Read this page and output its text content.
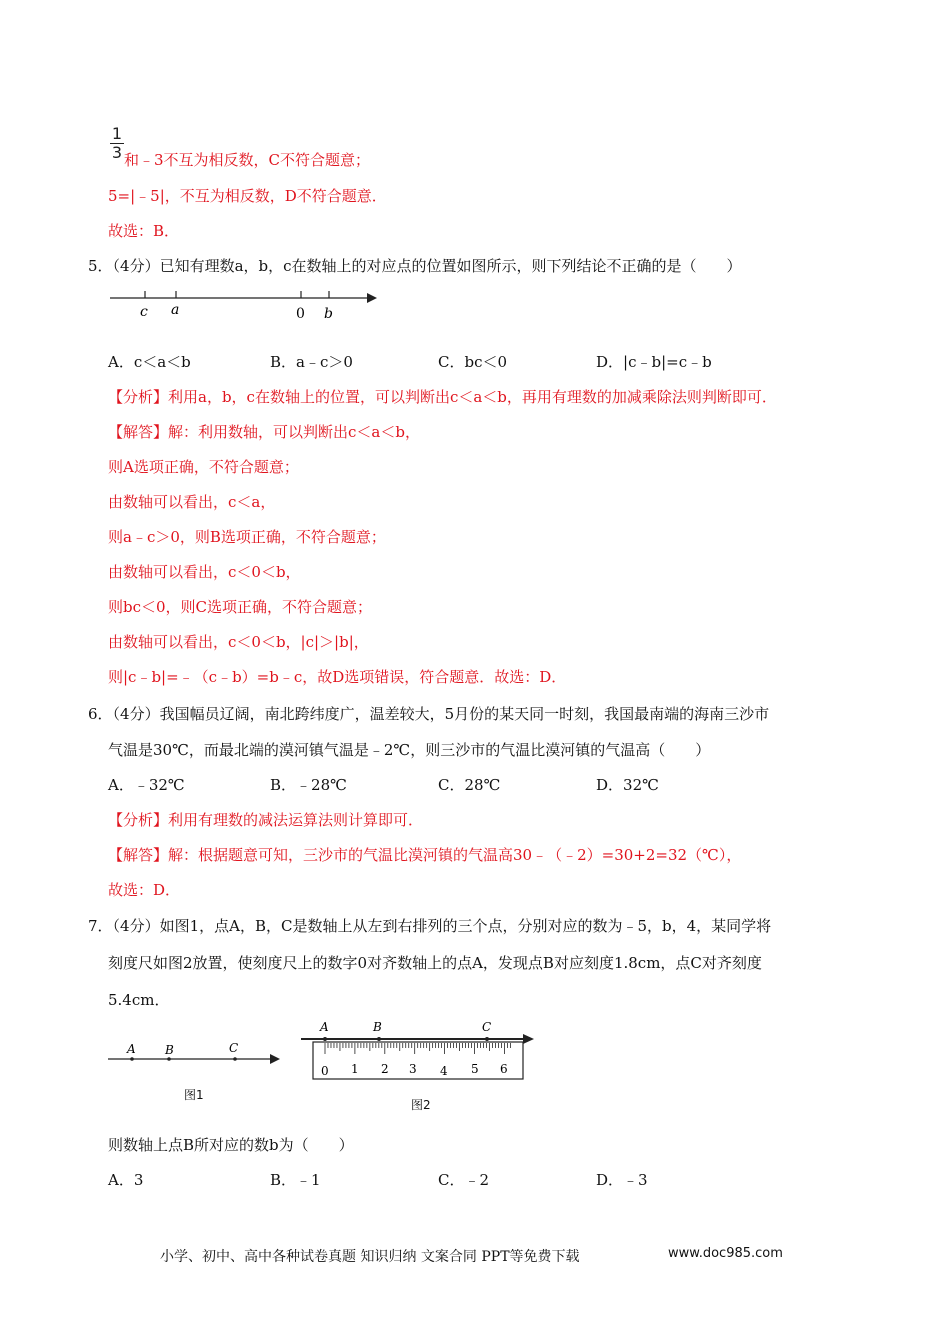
1
3 和﹣3不互为相反数，C不符合题意；
5=|﹣5|，不互为相反数，D不符合题意．
故选：B．
5．（4分）已知有理数a，b，c在数轴上的对应点的位置如图所示，则下列结论不正确的是（　　）
c a	0 b
A．c＜a＜b	B．a﹣c＞0	C．bc＜0	D．|c﹣b|=c﹣b
【分析】利用a，b，c在数轴上的位置，可以判断出c＜a＜b，再用有理数的加减乘除法则判断即可．
【解答】解：利用数轴，可以判断出c＜a＜b，
则A选项正确，不符合题意；
由数轴可以看出，c＜a，
则a﹣c＞0，则B选项正确，不符合题意；
由数轴可以看出，c＜0＜b，
则bc＜0，则C选项正确，不符合题意；
由数轴可以看出，c＜0＜b，|c|＞|b|，
则|c﹣b|=﹣（c﹣b）=b﹣c，故D选项错误，符合题意．故选：D．
6．（4分）我国幅员辽阔，南北跨纬度广，温差较大，5月份的某天同一时刻，我国最南端的海南三沙市
气温是30℃，而最北端的漠河镇气温是﹣2℃，则三沙市的气温比漠河镇的气温高（　　）
A．﹣32℃	B．﹣28℃	C．28℃	D．32℃
【分析】利用有理数的减法运算法则计算即可．
【解答】解：根据题意可知，三沙市的气温比漠河镇的气温高30﹣（﹣2）=30+2=32（℃），
故选：D．
7．（4分）如图1，点A，B，C是数轴上从左到右排列的三个点，分别对应的数为﹣5，b，4，某同学将
刻度尺如图2放置，使刻度尺上的数字0对齐数轴上的点A，发现点B对应刻度1.8cm，点C对齐刻度
5.4cm．
A B	C
图1
A	B	C
0 1 2 3 4 5 6
图2
则数轴上点B所对应的数b为（　　）
A．3	B．﹣1	C．﹣2	D．﹣3
小学、初中、高中各种试卷真题 知识归纳 文案合同 PPT等免费下载	www.doc985.com
